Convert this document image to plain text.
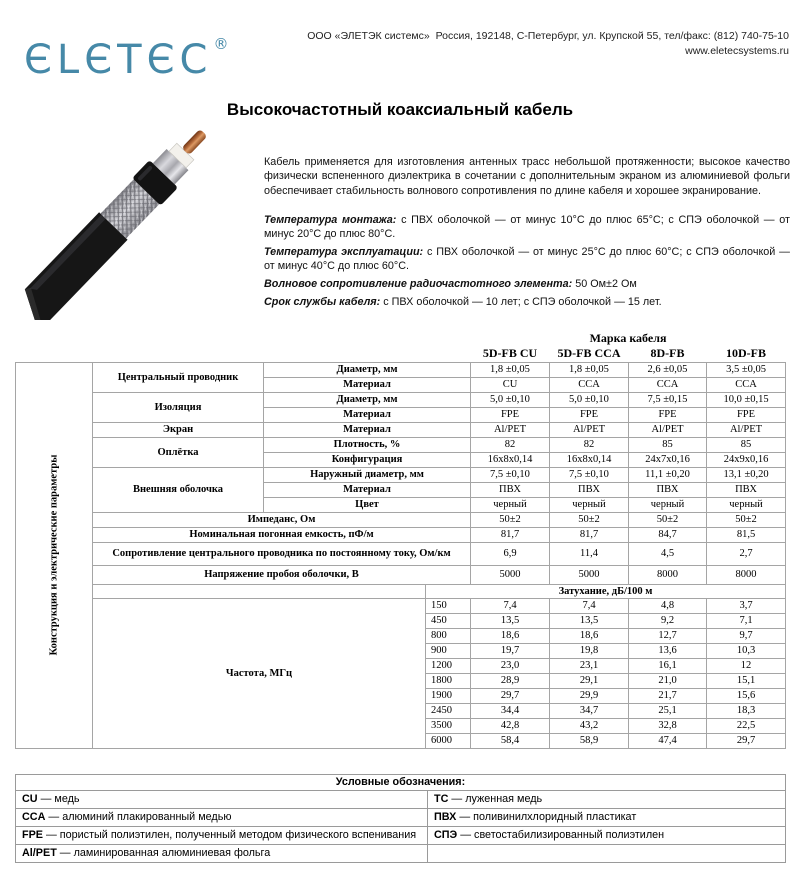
ЄLЄTЄC®	ООО «ЭЛЕТЭК системс»  Россия, 192148, С-Петербург, ул. Крупской 55, тел/факс: (812) 740-75-10
www.eletecsystems.ru
Высокочастотный коаксиальный кабель
Кабель применяется для изготовления антенных трасс небольшой протяженности; высокое качество физически вспененного диэлектрика в сочетании с дополнительным экраном из алюминиевой фольги обеспечивает стабильность волнового сопротивления по длине кабеля и хорошее экранирование.

Температура монтажа: с ПВХ оболочкой — от минус 10°С до плюс 65°С; с СПЭ оболочкой — от минус 20°С до плюс 80°С.

Температура эксплуатации: с ПВХ оболочкой — от минус 25°С до плюс 60°С; с СПЭ оболочкой — от минус 40°С до плюс 60°С.

Волновое сопротивление радиочастотного элемента: 50 Ом±2 Ом

Срок службы кабеля: с ПВХ оболочкой — 10 лет; с СПЭ оболочкой — 15 лет.

				Марка кабеля			
				5D-FB CU	5D-FB CCA	8D-FB	10D-FB

Конструкция и электрические параметры	Центральный проводник	Диаметр, мм		1,8 ±0,05	1,8 ±0,05	2,6 ±0,05	3,5 ±0,05
		Материал		CU	CCA	CCA	CCA
	Изоляция	Диаметр, мм		5,0 ±0,10	5,0 ±0,10	7,5 ±0,15	10,0 ±0,15
		Материал		FPE	FPE	FPE	FPE
	Экран	Материал		Al/PET	Al/PET	Al/PET	Al/PET
	Оплётка	Плотность, %		82	82	85	85
		Конфигурация		16x8x0,14	16x8x0,14	24x7x0,16	24x9x0,16
	Внешняя оболочка	Наружный диаметр, мм		7,5 ±0,10	7,5 ±0,10	11,1 ±0,20	13,1 ±0,20
		Материал		ПВХ	ПВХ	ПВХ	ПВХ
		Цвет		черный	черный	черный	черный
	Импеданс, Ом			50±2	50±2	50±2	50±2
	Номинальная погонная емкость, пФ/м			81,7	81,7	84,7	81,5
	Сопротивление центрального проводника по постоянному току, Ом/км			6,9	11,4	4,5	2,7
	Напряжение пробоя оболочки, В			5000	5000	8000	8000
			Затухание, дБ/100 м				
	Частота, МГц		150	7,4	7,4	4,8	3,7
			450	13,5	13,5	9,2	7,1
			800	18,6	18,6	12,7	9,7
			900	19,7	19,8	13,6	10,3
			1200	23,0	23,1	16,1	12
			1800	28,9	29,1	21,0	15,1
			1900	29,7	29,9	21,7	15,6
			2450	34,4	34,7	25,1	18,3
			3500	42,8	43,2	32,8	22,5
			6000	58,4	58,9	47,4	29,7
Условные обозначения:	
CU — медь	ТС — луженная медь
CCA — алюминий плакированный медью	ПВХ — поливинилхлоридный пластикат
FPE — пористый полиэтилен, полученный методом физического вспенивания	СПЭ — светостабилизированный полиэтилен
Al/PET — ламинированная алюминиевая фольга	
